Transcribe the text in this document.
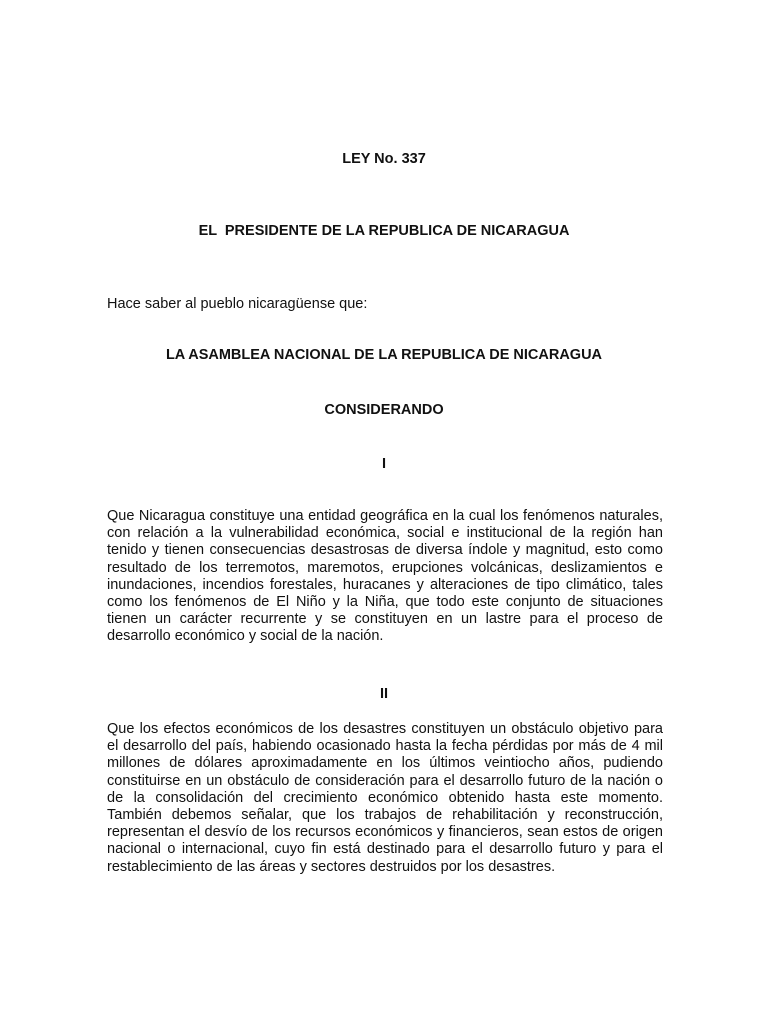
LEY No. 337

EL  PRESIDENTE DE LA REPUBLICA DE NICARAGUA

Hace saber al pueblo nicaragüense que:

LA ASAMBLEA NACIONAL DE LA REPUBLICA DE NICARAGUA

CONSIDERANDO

I

Que Nicaragua constituye una entidad geográfica en la cual los fenómenos naturales, con relación a la vulnerabilidad económica, social e institucional de la región han tenido y tienen consecuencias desastrosas de diversa índole y magnitud, esto como resultado de los terremotos, maremotos, erupciones volcánicas, deslizamientos e inundaciones, incendios forestales, huracanes y alteraciones de tipo climático, tales como los fenómenos de El Niño y la Niña, que todo este conjunto de situaciones tienen un carácter recurrente y se constituyen en un lastre para el proceso de desarrollo económico y social de la nación.

II

Que los efectos económicos de los desastres constituyen un obstáculo objetivo para el desarrollo del país, habiendo ocasionado hasta la fecha pérdidas por más de 4 mil millones de dólares aproximadamente en los últimos veintiocho años, pudiendo constituirse en un obstáculo de consideración para el desarrollo futuro de la nación o de la consolidación del crecimiento económico obtenido hasta este momento. También debemos señalar, que los trabajos de rehabilitación y reconstrucción, representan el desvío de los recursos económicos y financieros, sean estos de origen nacional o internacional, cuyo fin está destinado para el desarrollo futuro y para el restablecimiento de las áreas y sectores destruidos por los desastres.
